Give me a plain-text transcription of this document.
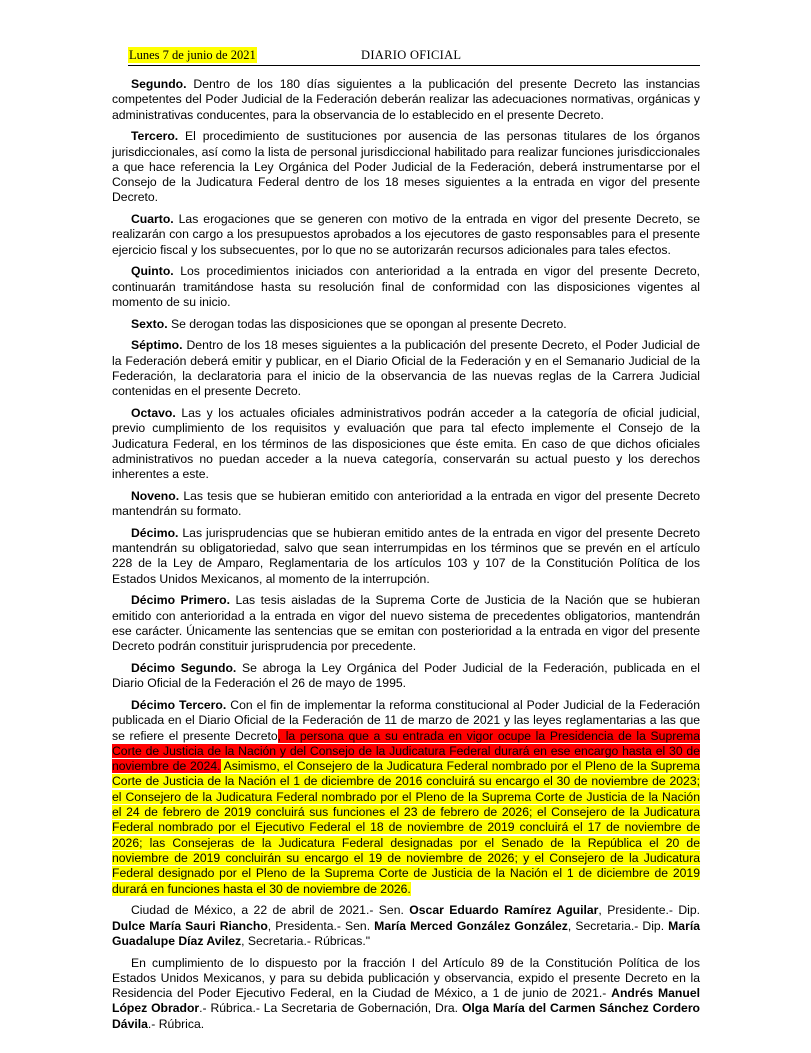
Lunes 7 de junio de 2021	DIARIO OFICIAL

Segundo. Dentro de los 180 días siguientes a la publicación del presente Decreto las instancias competentes del Poder Judicial de la Federación deberán realizar las adecuaciones normativas, orgánicas y administrativas conducentes, para la observancia de lo establecido en el presente Decreto.

Tercero. El procedimiento de sustituciones por ausencia de las personas titulares de los órganos jurisdiccionales, así como la lista de personal jurisdiccional habilitado para realizar funciones jurisdiccionales a que hace referencia la Ley Orgánica del Poder Judicial de la Federación, deberá instrumentarse por el Consejo de la Judicatura Federal dentro de los 18 meses siguientes a la entrada en vigor del presente Decreto.

Cuarto. Las erogaciones que se generen con motivo de la entrada en vigor del presente Decreto, se realizarán con cargo a los presupuestos aprobados a los ejecutores de gasto responsables para el presente ejercicio fiscal y los subsecuentes, por lo que no se autorizarán recursos adicionales para tales efectos.

Quinto. Los procedimientos iniciados con anterioridad a la entrada en vigor del presente Decreto, continuarán tramitándose hasta su resolución final de conformidad con las disposiciones vigentes al momento de su inicio.

Sexto. Se derogan todas las disposiciones que se opongan al presente Decreto.

Séptimo. Dentro de los 18 meses siguientes a la publicación del presente Decreto, el Poder Judicial de la Federación deberá emitir y publicar, en el Diario Oficial de la Federación y en el Semanario Judicial de la Federación, la declaratoria para el inicio de la observancia de las nuevas reglas de la Carrera Judicial contenidas en el presente Decreto.

Octavo. Las y los actuales oficiales administrativos podrán acceder a la categoría de oficial judicial, previo cumplimiento de los requisitos y evaluación que para tal efecto implemente el Consejo de la Judicatura Federal, en los términos de las disposiciones que éste emita. En caso de que dichos oficiales administrativos no puedan acceder a la nueva categoría, conservarán su actual puesto y los derechos inherentes a este.

Noveno. Las tesis que se hubieran emitido con anterioridad a la entrada en vigor del presente Decreto mantendrán su formato.

Décimo. Las jurisprudencias que se hubieran emitido antes de la entrada en vigor del presente Decreto mantendrán su obligatoriedad, salvo que sean interrumpidas en los términos que se prevén en el artículo 228 de la Ley de Amparo, Reglamentaria de los artículos 103 y 107 de la Constitución Política de los Estados Unidos Mexicanos, al momento de la interrupción.

Décimo Primero. Las tesis aisladas de la Suprema Corte de Justicia de la Nación que se hubieran emitido con anterioridad a la entrada en vigor del nuevo sistema de precedentes obligatorios, mantendrán ese carácter. Únicamente las sentencias que se emitan con posterioridad a la entrada en vigor del presente Decreto podrán constituir jurisprudencia por precedente.

Décimo Segundo. Se abroga la Ley Orgánica del Poder Judicial de la Federación, publicada en el Diario Oficial de la Federación el 26 de mayo de 1995.

Décimo Tercero. Con el fin de implementar la reforma constitucional al Poder Judicial de la Federación publicada en el Diario Oficial de la Federación de 11 de marzo de 2021 y las leyes reglamentarias a las que se refiere el presente Decreto, la persona que a su entrada en vigor ocupe la Presidencia de la Suprema Corte de Justicia de la Nación y del Consejo de la Judicatura Federal durará en ese encargo hasta el 30 de noviembre de 2024. Asimismo, el Consejero de la Judicatura Federal nombrado por el Pleno de la Suprema Corte de Justicia de la Nación el 1 de diciembre de 2016 concluirá su encargo el 30 de noviembre de 2023; el Consejero de la Judicatura Federal nombrado por el Pleno de la Suprema Corte de Justicia de la Nación el 24 de febrero de 2019 concluirá sus funciones el 23 de febrero de 2026; el Consejero de la Judicatura Federal nombrado por el Ejecutivo Federal el 18 de noviembre de 2019 concluirá el 17 de noviembre de 2026; las Consejeras de la Judicatura Federal designadas por el Senado de la República el 20 de noviembre de 2019 concluirán su encargo el 19 de noviembre de 2026; y el Consejero de la Judicatura Federal designado por el Pleno de la Suprema Corte de Justicia de la Nación el 1 de diciembre de 2019 durará en funciones hasta el 30 de noviembre de 2026.

Ciudad de México, a 22 de abril de 2021.- Sen. Oscar Eduardo Ramírez Aguilar, Presidente.- Dip. Dulce María Sauri Riancho, Presidenta.- Sen. María Merced González González, Secretaria.- Dip. María Guadalupe Díaz Avilez, Secretaria.- Rúbricas."

En cumplimiento de lo dispuesto por la fracción I del Artículo 89 de la Constitución Política de los Estados Unidos Mexicanos, y para su debida publicación y observancia, expido el presente Decreto en la Residencia del Poder Ejecutivo Federal, en la Ciudad de México, a 1 de junio de 2021.- Andrés Manuel López Obrador.- Rúbrica.- La Secretaria de Gobernación, Dra. Olga María del Carmen Sánchez Cordero Dávila.- Rúbrica.
